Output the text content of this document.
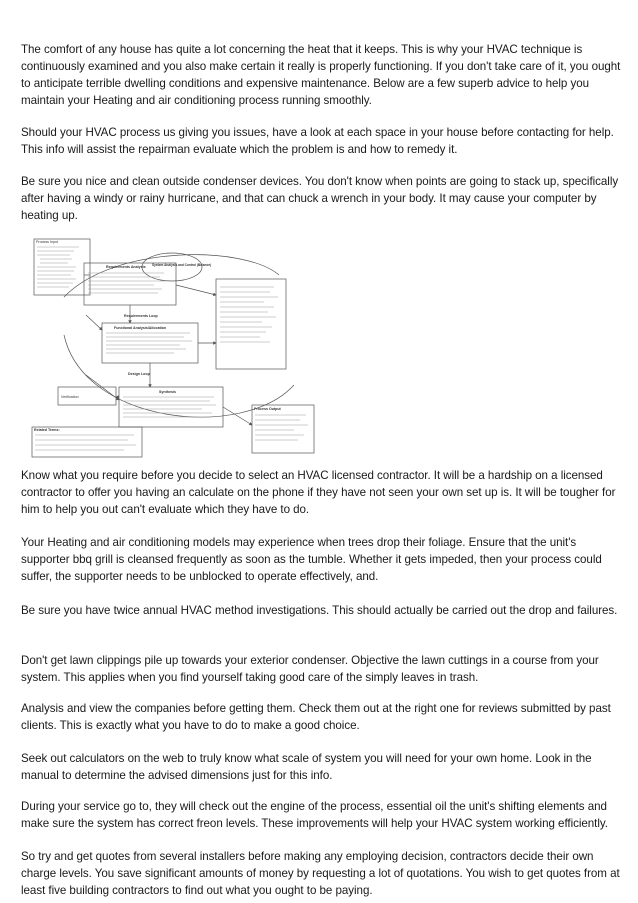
The comfort of any house has quite a lot concerning the heat that it keeps. This is why your HVAC technique is continuously examined and you also make certain it really is properly functioning. If you don't take care of it, you ought to anticipate terrible dwelling conditions and expensive maintenance. Below are a few superb advice to help you maintain your Heating and air conditioning process running smoothly.

Should your HVAC process us giving you issues, have a look at each space in your house before contacting for help. This info will assist the repairman evaluate which the problem is and how to remedy it.

Be sure you nice and clean outside condenser devices. You don't know when points are going to stack up, specifically after having a windy or rainy hurricane, and that can chuck a wrench in your body. It may cause your computer by heating up.

Process Input
Requirements Analysis System Analysis and Control (Balance)
Requirements Loop
Functional Analysis/Allocation
Design Loop
Synthesis
Verification
Process Output
Related Terms:

Know what you require before you decide to select an HVAC licensed contractor. It will be a hardship on a licensed contractor to offer you having an calculate on the phone if they have not seen your own set up is. It will be tougher for him to help you out can't evaluate which they have to do.

Your Heating and air conditioning models may experience when trees drop their foliage. Ensure that the unit's supporter bbq grill is cleansed frequently as soon as the tumble. Whether it gets impeded, then your process could suffer, the supporter needs to be unblocked to operate effectively, and.

Be sure you have twice annual HVAC method investigations. This should actually be carried out the drop and failures.

Don't get lawn clippings pile up towards your exterior condenser. Objective the lawn cuttings in a course from your system. This applies when you find yourself taking good care of the simply leaves in trash.

Analysis and view the companies before getting them. Check them out at the right one for reviews submitted by past clients. This is exactly what you have to do to make a good choice.

Seek out calculators on the web to truly know what scale of system you will need for your own home. Look in the manual to determine the advised dimensions just for this info.

During your service go to, they will check out the engine of the process, essential oil the unit's shifting elements and make sure the system has correct freon levels. These improvements will help your HVAC system working efficiently.

So try and get quotes from several installers before making any employing decision, contractors decide their own charge levels. You save significant amounts of money by requesting a lot of quotations. You wish to get quotes from at least five building contractors to find out what you ought to be paying.
